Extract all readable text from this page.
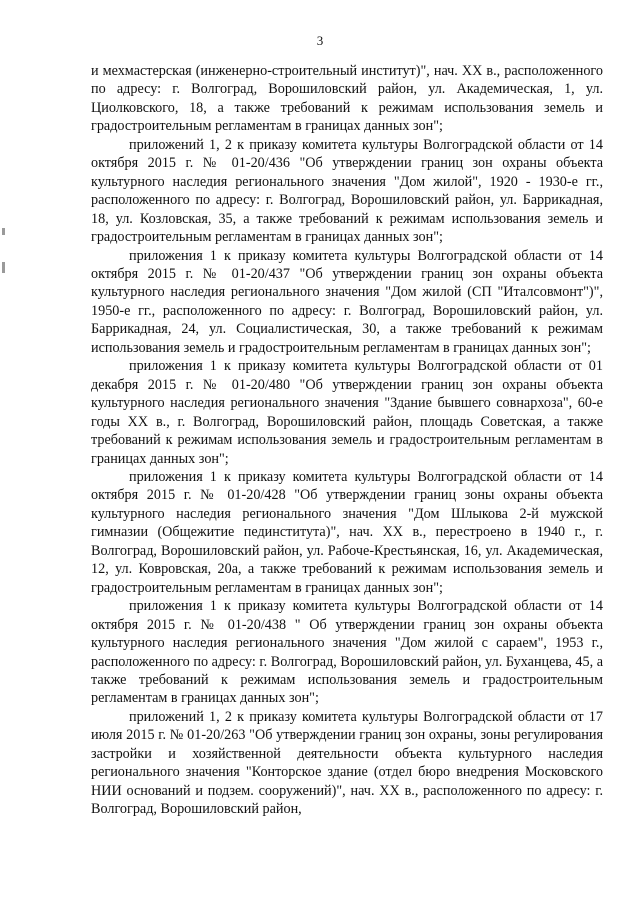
3

и мехмастерская (инженерно-строительный институт)", нач. XX в., расположенного по адресу: г. Волгоград, Ворошиловский район, ул. Академическая, 1, ул. Циолковского, 18, а также требований к режимам использования земель и градостроительным регламентам в границах данных зон";

приложений 1, 2 к приказу комитета культуры Волгоградской области от 14 октября 2015 г. № 01-20/436 "Об утверждении границ зон охраны объекта культурного наследия регионального значения "Дом жилой", 1920 - 1930-е гг., расположенного по адресу: г. Волгоград, Ворошиловский район, ул. Баррикадная, 18, ул. Козловская, 35, а также требований к режимам использования земель и градостроительным регламентам в границах данных зон";

приложения 1 к приказу комитета культуры Волгоградской области от 14 октября 2015 г. № 01-20/437 "Об утверждении границ зон охраны объекта культурного наследия регионального значения "Дом жилой (СП "Италсовмонт")", 1950-е гг., расположенного по адресу: г. Волгоград, Ворошиловский район, ул. Баррикадная, 24, ул. Социалистическая, 30, а также требований к режимам использования земель и градостроительным регламентам в границах данных зон";

приложения 1 к приказу комитета культуры Волгоградской области от 01 декабря 2015 г. № 01-20/480 "Об утверждении границ зон охраны объекта культурного наследия регионального значения "Здание бывшего совнархоза", 60-е годы XX в., г. Волгоград, Ворошиловский район, площадь Советская, а также требований к режимам использования земель и градостроительным регламентам в границах данных зон";

приложения 1 к приказу комитета культуры Волгоградской области от 14 октября 2015 г. № 01-20/428 "Об утверждении границ зоны охраны объекта культурного наследия регионального значения "Дом Шлыкова 2-й мужской гимназии (Общежитие пединститута)", нач. XX в., перестроено в 1940 г., г. Волгоград, Ворошиловский район, ул. Рабоче-Крестьянская, 16, ул. Академическая, 12, ул. Ковровская, 20а, а также требований к режимам использования земель и градостроительным регламентам в границах данных зон";

приложения 1 к приказу комитета культуры Волгоградской области от 14 октября 2015 г. № 01-20/438 " Об утверждении границ зон охраны объекта культурного наследия регионального значения "Дом жилой с сараем", 1953 г., расположенного по адресу: г. Волгоград, Ворошиловский район, ул. Буханцева, 45, а также требований к режимам использования земель и градостроительным регламентам в границах данных зон";

приложений 1, 2 к приказу комитета культуры Волгоградской области от 17 июля 2015 г. № 01-20/263 "Об утверждении границ зон охраны, зоны регулирования застройки и хозяйственной деятельности объекта культурного наследия регионального значения "Конторское здание (отдел бюро внедрения Московского НИИ оснований и подзем. сооружений)", нач. XX в., расположенного по адресу: г. Волгоград, Ворошиловский район,
